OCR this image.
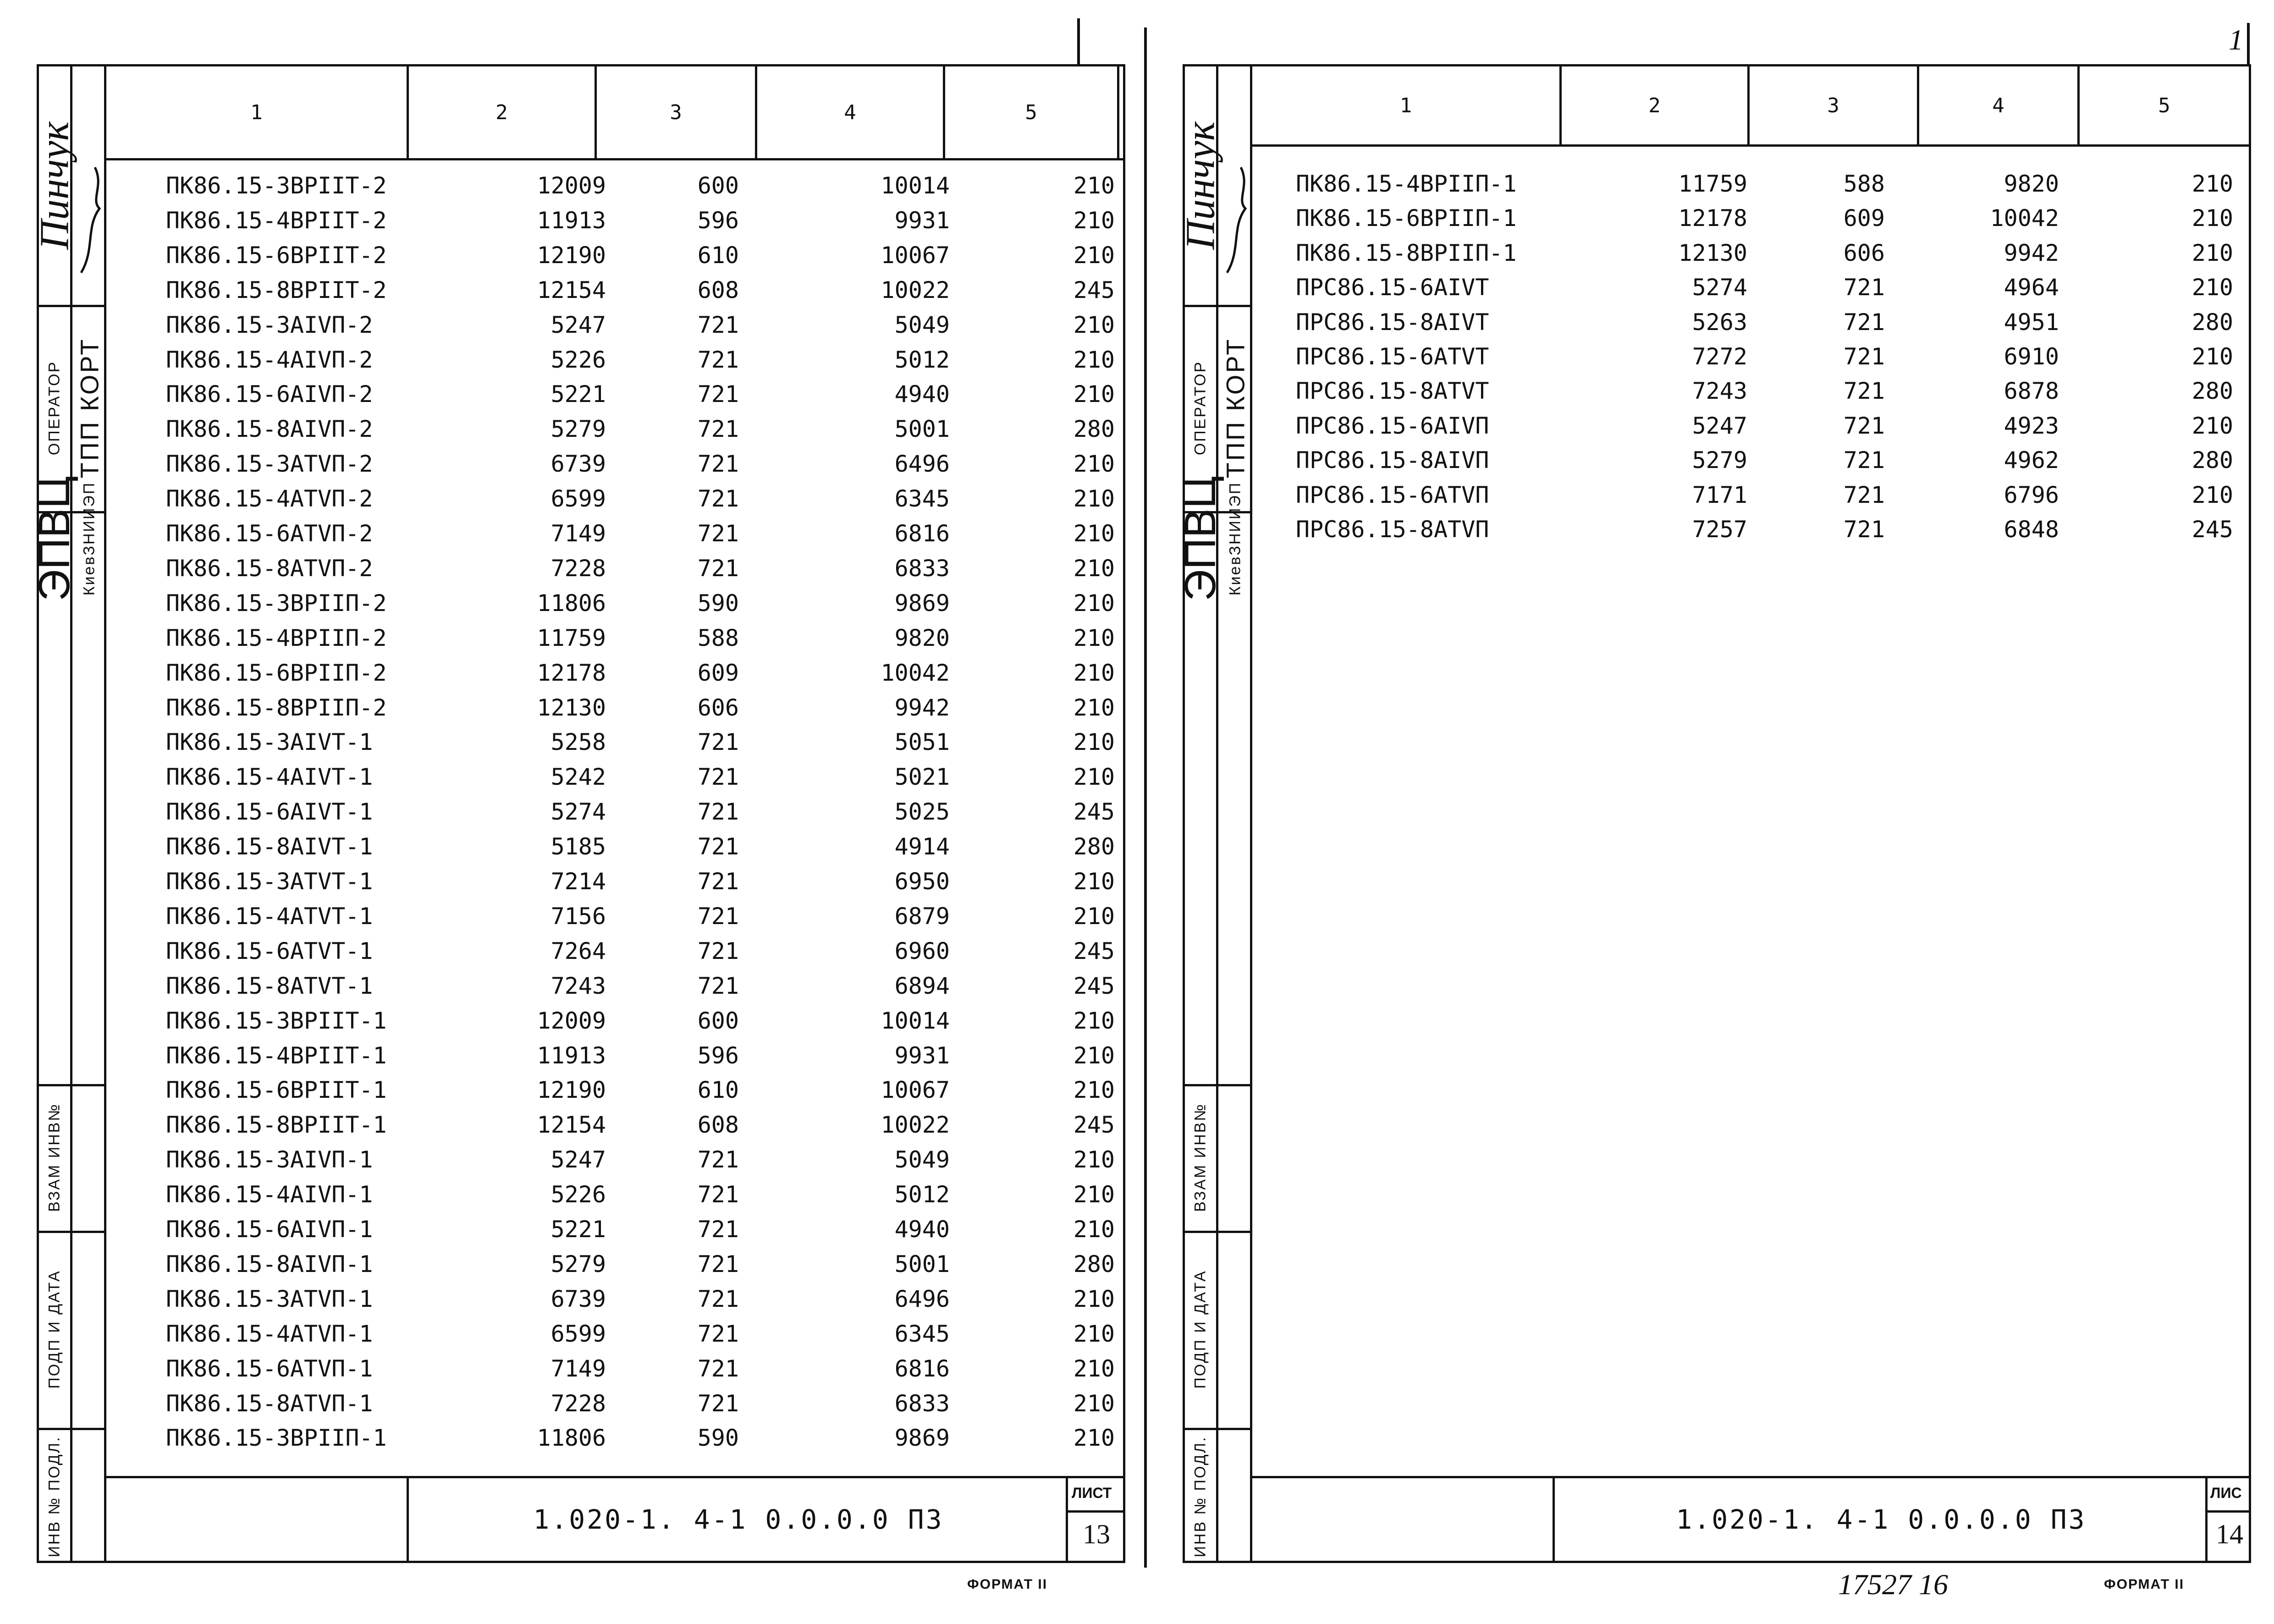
Пинчук
ОПЕРАТОР ТПП КОРТ
ЭПВЦ КиевЗНИИЭП
ВЗАМ ИНВ№
ПОДП И ДАТА
ИНВ № ПОДЛ.
1	2	3	4	5
ПК86.15-3ВРIIТ-2	12009	600	10014	210
ПК86.15-4ВРIIТ-2	11913	596	9931	210
ПК86.15-6ВРIIТ-2	12190	610	10067	210
ПК86.15-8ВРIIТ-2	12154	608	10022	245
ПК86.15-3АIVП-2	5247	721	5049	210
ПК86.15-4АIVП-2	5226	721	5012	210
ПК86.15-6АIVП-2	5221	721	4940	210
ПК86.15-8АIVП-2	5279	721	5001	280
ПК86.15-3АТVП-2	6739	721	6496	210
ПК86.15-4АТVП-2	6599	721	6345	210
ПК86.15-6АТVП-2	7149	721	6816	210
ПК86.15-8АТVП-2	7228	721	6833	210
ПК86.15-3ВРIIП-2	11806	590	9869	210
ПК86.15-4ВРIIП-2	11759	588	9820	210
ПК86.15-6ВРIIП-2	12178	609	10042	210
ПК86.15-8ВРIIП-2	12130	606	9942	210
ПК86.15-3АIVТ-1	5258	721	5051	210
ПК86.15-4АIVТ-1	5242	721	5021	210
ПК86.15-6АIVТ-1	5274	721	5025	245
ПК86.15-8АIVТ-1	5185	721	4914	280
ПК86.15-3АТVТ-1	7214	721	6950	210
ПК86.15-4АТVТ-1	7156	721	6879	210
ПК86.15-6АТVТ-1	7264	721	6960	245
ПК86.15-8АТVТ-1	7243	721	6894	245
ПК86.15-3ВРIIТ-1	12009	600	10014	210
ПК86.15-4ВРIIТ-1	11913	596	9931	210
ПК86.15-6ВРIIТ-1	12190	610	10067	210
ПК86.15-8ВРIIТ-1	12154	608	10022	245
ПК86.15-3АIVП-1	5247	721	5049	210
ПК86.15-4АIVП-1	5226	721	5012	210
ПК86.15-6АIVП-1	5221	721	4940	210
ПК86.15-8АIVП-1	5279	721	5001	280
ПК86.15-3АТVП-1	6739	721	6496	210
ПК86.15-4АТVП-1	6599	721	6345	210
ПК86.15-6АТVП-1	7149	721	6816	210
ПК86.15-8АТVП-1	7228	721	6833	210
ПК86.15-3ВРIIП-1	11806	590	9869	210
1.020-1. 4-1 0.0.0.0 ПЗ
ЛИСТ
13
ФОРМАТ II
1
Пинчук
ОПЕРАТОР ТПП КОРТ
ЭПВЦ КиевЗНИИЭП
ВЗАМ ИНВ№
ПОДП И ДАТА
ИНВ № ПОДЛ.
1	2	3	4	5
ПК86.15-4ВРIIП-1	11759	588	9820	210
ПК86.15-6ВРIIП-1	12178	609	10042	210
ПК86.15-8ВРIIП-1	12130	606	9942	210
ПРС86.15-6АIVТ	5274	721	4964	210
ПРС86.15-8АIVТ	5263	721	4951	280
ПРС86.15-6АТVТ	7272	721	6910	210
ПРС86.15-8АТVТ	7243	721	6878	280
ПРС86.15-6АIVП	5247	721	4923	210
ПРС86.15-8АIVП	5279	721	4962	280
ПРС86.15-6АТVП	7171	721	6796	210
ПРС86.15-8АТVП	7257	721	6848	245
1.020-1. 4-1 0.0.0.0 ПЗ
ЛИС
14
17527 16	ФОРМАТ II
